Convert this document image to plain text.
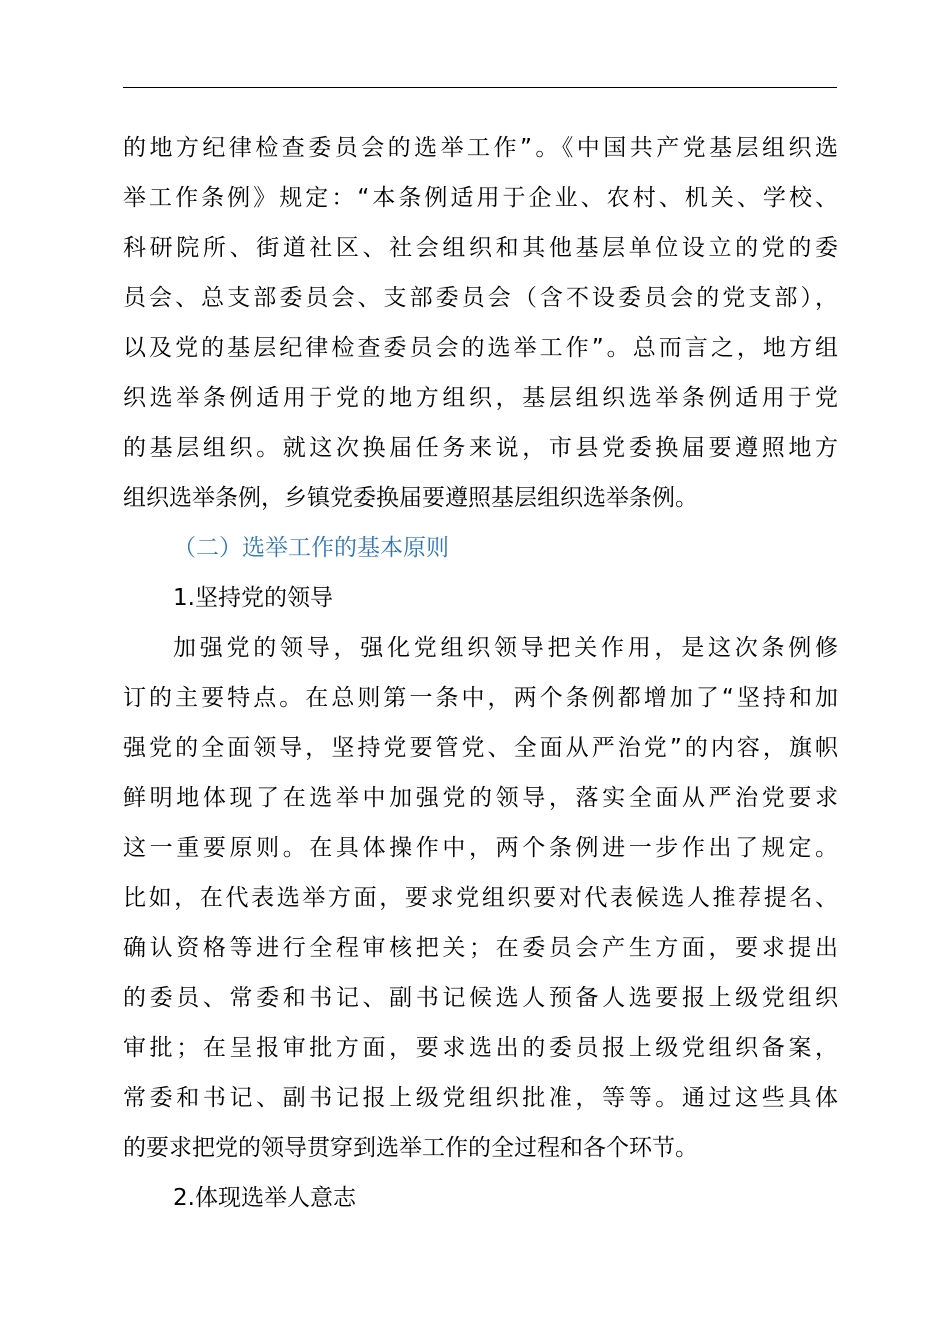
的地方纪律检查委员会的选举工作”。《中国共产党基层组织选
举工作条例》规定：“本条例适用于企业、农村、机关、学校、
科研院所、街道社区、社会组织和其他基层单位设立的党的委
员会、总支部委员会、支部委员会（含不设委员会的党支部），
以及党的基层纪律检查委员会的选举工作”。总而言之，地方组
织选举条例适用于党的地方组织，基层组织选举条例适用于党
的基层组织。就这次换届任务来说，市县党委换届要遵照地方
组织选举条例，乡镇党委换届要遵照基层组织选举条例。
（二）选举工作的基本原则
1.坚持党的领导
加强党的领导，强化党组织领导把关作用，是这次条例修
订的主要特点。在总则第一条中，两个条例都增加了“坚持和加
强党的全面领导，坚持党要管党、全面从严治党”的内容，旗帜
鲜明地体现了在选举中加强党的领导，落实全面从严治党要求
这一重要原则。在具体操作中，两个条例进一步作出了规定。
比如，在代表选举方面，要求党组织要对代表候选人推荐提名、
确认资格等进行全程审核把关；在委员会产生方面，要求提出
的委员、常委和书记、副书记候选人预备人选要报上级党组织
审批；在呈报审批方面，要求选出的委员报上级党组织备案，
常委和书记、副书记报上级党组织批准，等等。通过这些具体
的要求把党的领导贯穿到选举工作的全过程和各个环节。
2.体现选举人意志
